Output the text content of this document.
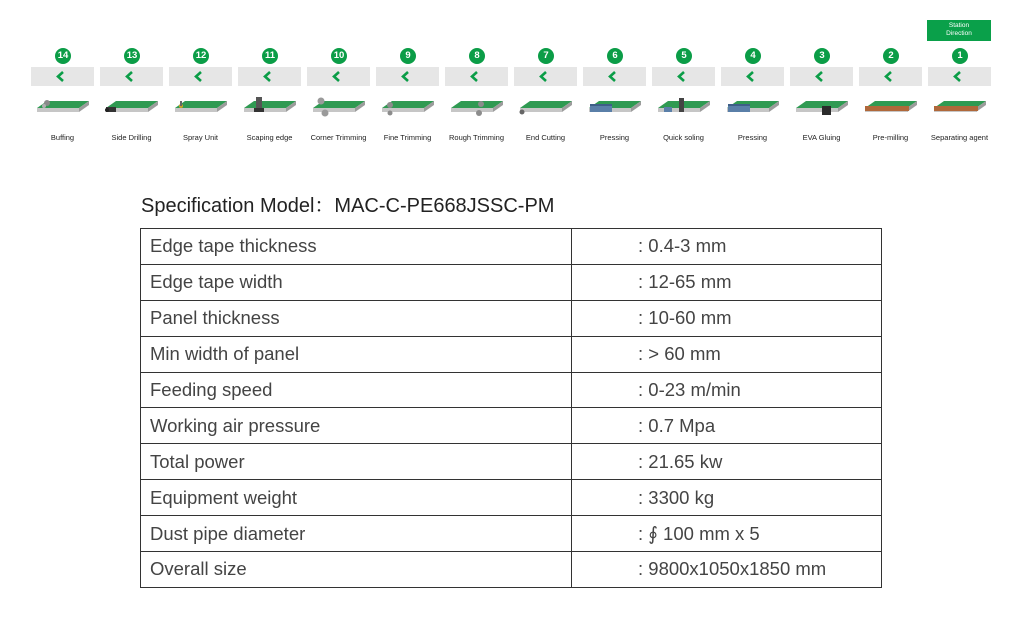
Station
Direction
14
Buffing
13
Side Drilling
12
Spray Unit
11
Scaping edge
10
Corner Trimming
9
Fine Trimming
8
Rough Trimming
7
End Cutting
6
Pressing
5
Quick soling
4
Pressing
3
EVA Gluing
2
Pre-milling
1
Separating agent
Specification Model：MAC-C-PE668JSSC-PM
Edge tape thickness	: 0.4-3 mm
Edge tape width	: 12-65 mm
Panel thickness	: 10-60 mm
Min width of panel	: > 60 mm
Feeding speed	: 0-23 m/min
Working air pressure	: 0.7 Mpa
Total power	: 21.65 kw
Equipment weight	: 3300 kg
Dust pipe diameter	: ∮ 100 mm x 5
Overall size	: 9800x1050x1850 mm
